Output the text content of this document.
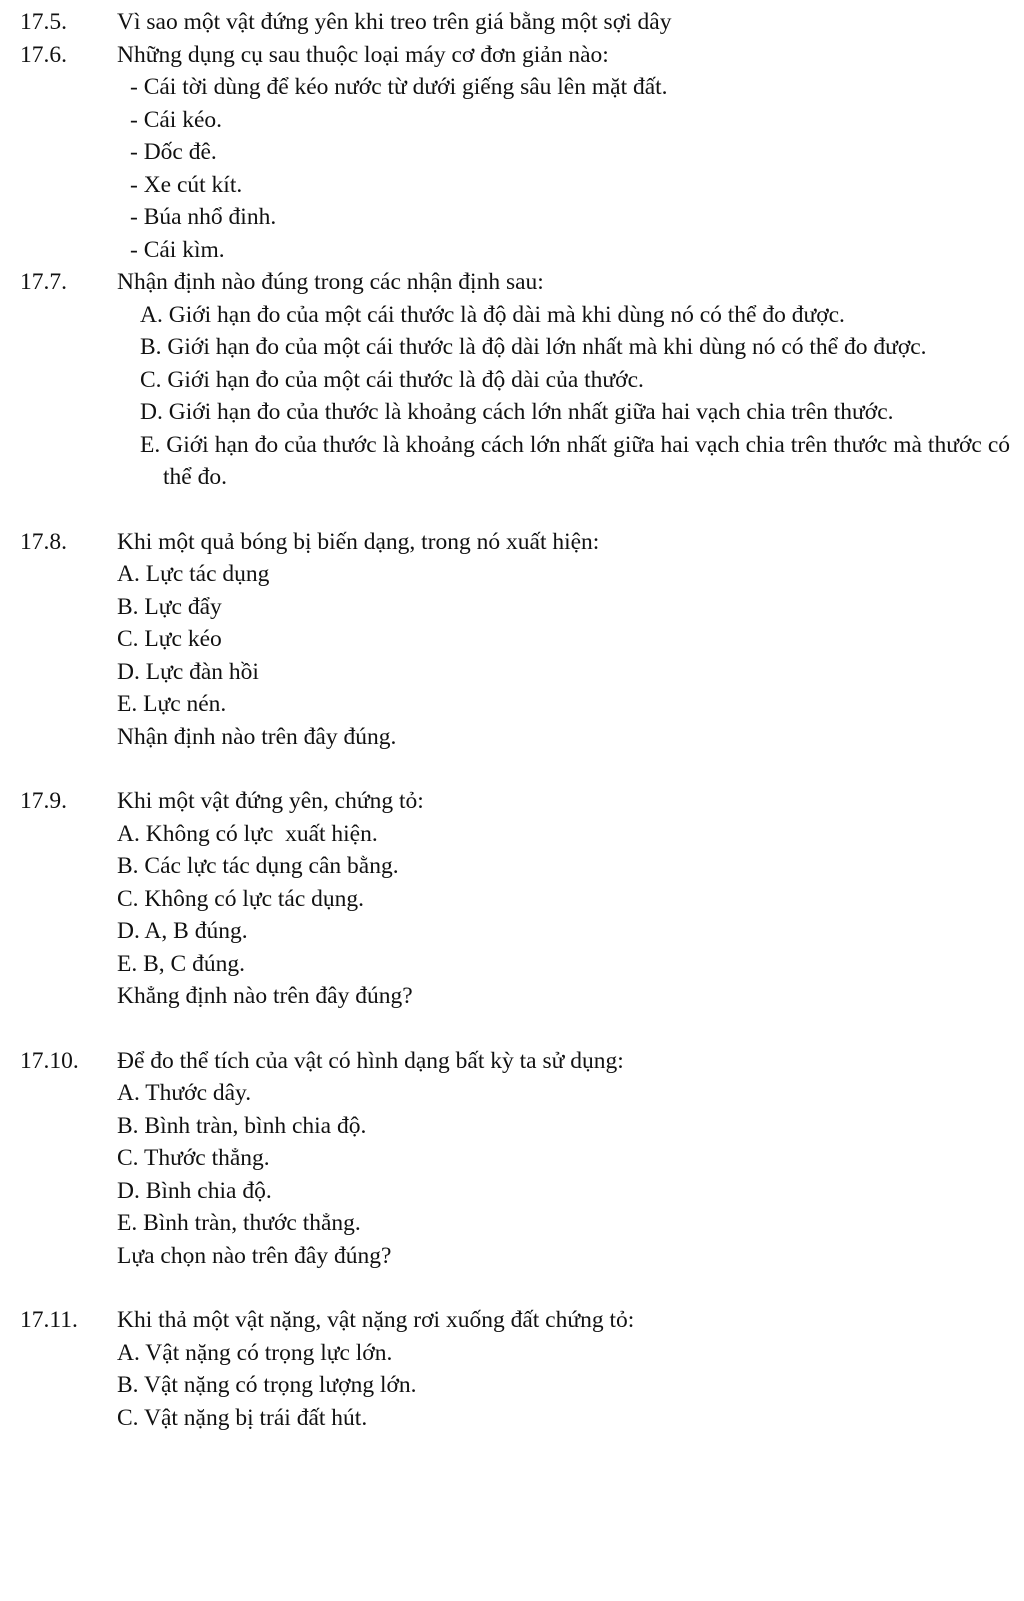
17.5. Vì sao một vật đứng yên khi treo trên giá bằng một sợi dây
17.6. Những dụng cụ sau thuộc loại máy cơ đơn giản nào:
- Cái tời dùng để kéo nước từ dưới giếng sâu lên mặt đất.
- Cái kéo.
- Dốc đê.
- Xe cút kít.
- Búa nhổ đinh.
- Cái kìm.
17.7. Nhận định nào đúng trong các nhận định sau:
A. Giới hạn đo của một cái thước là độ dài mà khi dùng nó có thể đo được.
B. Giới hạn đo của một cái thước là độ dài lớn nhất mà khi dùng nó có thể đo được.
C. Giới hạn đo của một cái thước là độ dài của thước.
D. Giới hạn đo của thước là khoảng cách lớn nhất giữa hai vạch chia trên thước.
E. Giới hạn đo của thước là khoảng cách lớn nhất giữa hai vạch chia trên thước mà thước có thể đo.
17.8. Khi một quả bóng bị biến dạng, trong nó xuất hiện:
A. Lực tác dụng
B. Lực đẩy
C. Lực kéo
D. Lực đàn hồi
E. Lực nén.
Nhận định nào trên đây đúng.
17.9. Khi một vật đứng yên, chứng tỏ:
A. Không có lực  xuất hiện.
B. Các lực tác dụng cân bằng.
C. Không có lực tác dụng.
D. A, B đúng.
E. B, C đúng.
Khẳng định nào trên đây đúng?
17.10. Để đo thể tích của vật có hình dạng bất kỳ ta sử dụng:
A. Thước dây.
B. Bình tràn, bình chia độ.
C. Thước thẳng.
D. Bình chia độ.
E. Bình tràn, thước thẳng.
Lựa chọn nào trên đây đúng?
17.11. Khi thả một vật nặng, vật nặng rơi xuống đất chứng tỏ:
A. Vật nặng có trọng lực lớn.
B. Vật nặng có trọng lượng lớn.
C. Vật nặng bị trái đất hút.
